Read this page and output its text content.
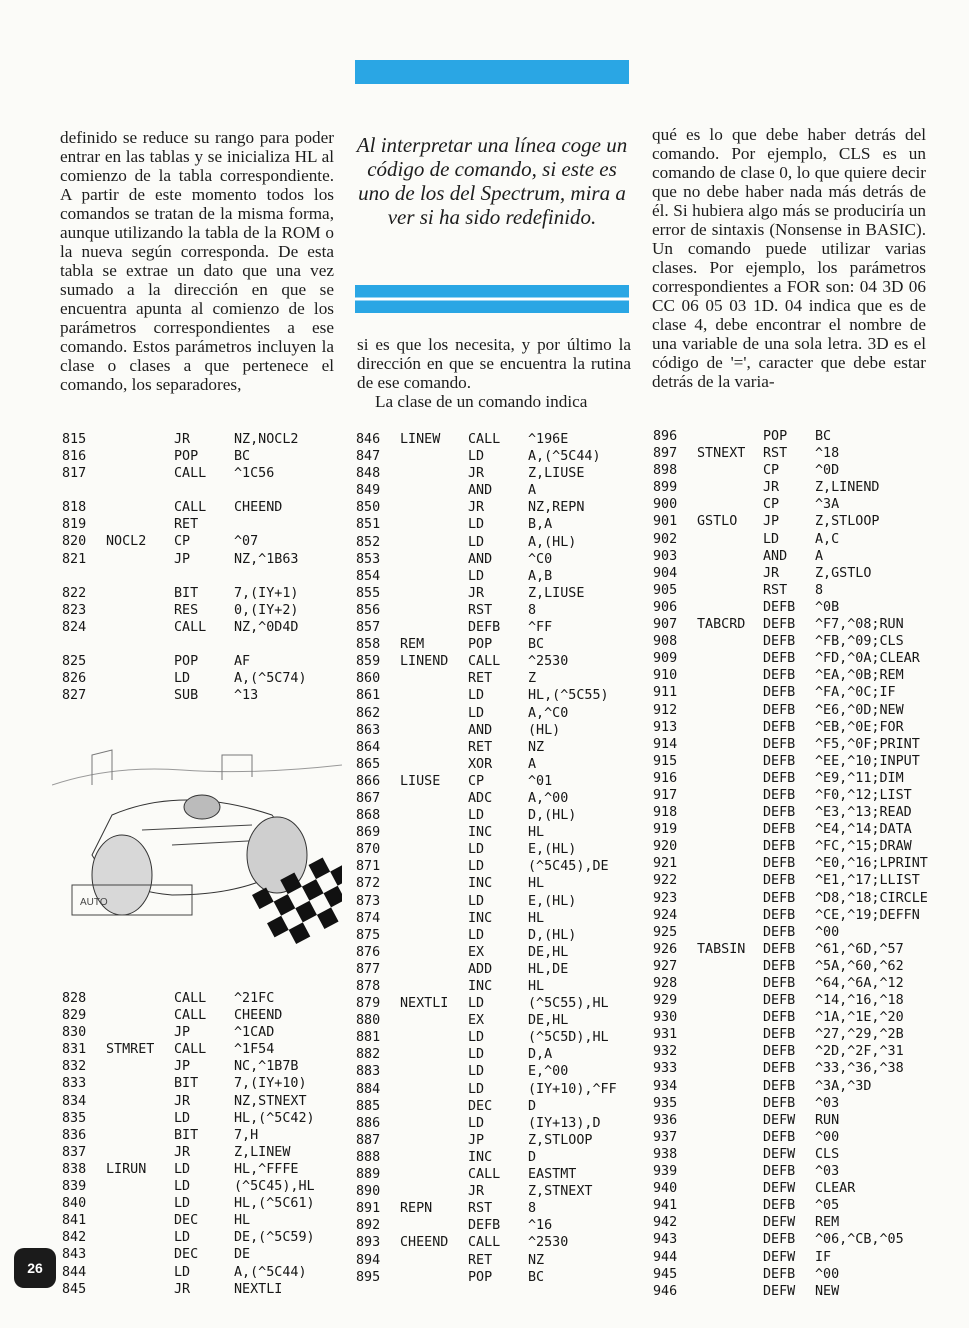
Al interpretar una línea coge un código de comando, si este es uno de los del Spectrum, mira a ver si ha sido redefinido.

definido se reduce su rango para poder entrar en las tablas y se inicializa HL al comienzo de la tabla correspondiente. A partir de este momento todos los comandos se tratan de la misma forma, aunque utilizando la tabla de la ROM o la nueva según corresponda. De esta tabla se extrae un dato que una vez sumado a la dirección en que se encuentra apunta al comienzo de los parámetros correspondientes a ese comando. Estos parámetros incluyen la clase o clases a que pertenece el comando, los separadores,

si es que los necesita, y por último la dirección en que se encuentra la rutina de ese comando.

La clase de un comando indica

qué es lo que debe haber detrás del comando. Por ejemplo, CLS es un comando de clase 0, lo que quiere decir que no debe haber nada más detrás de él. Si hubiera algo más se produciría un error de sintaxis (Nonsense in BASIC). Un comando puede utilizar varias clases. Por ejemplo, los parámetros correspondientes a FOR son: 04 3D 06 CC 06 05 03 1D. 04 indica que es de clase 4, debe encontrar el nombre de una variable de una sola letra. 3D es el código de '=', caracter que debe estar detrás de la varia-

815	JR	NZ,NOCL2
816	POP	BC
817	CALL ^1C56
818	CALL CHEEND
819	RET
820 NOCL2 CP	^07
821	JP	NZ,^1B63
822	BIT	7,(IY+1)
823	RES	0,(IY+2)
824	CALL NZ,^0D4D
825	POP	AF
826	LD	A,(^5C74)
827	SUB	^13
828	CALL ^21FC
829	CALL CHEEND
830	JP	^1CAD
831 STMRET CALL ^1F54
832	JP	NC,^1B7B
833	BIT	7,(IY+10)
834	JR	NZ,STNEXT
835	LD	HL,(^5C42)
836	BIT	7,H
837	JR	Z,LINEW
838 LIRUN LD	HL,^FFFE
839	LD	(^5C45),HL
840	LD	HL,(^5C61)
841	DEC	HL
842	LD	DE,(^5C59)
843	DEC	DE
844	LD	A,(^5C44)
845	JR	NEXTLI
846 LINEW CALL ^196E
847	LD	A,(^5C44)
848	JR	Z,LIUSE
849	AND	A
850	JR	NZ,REPN
851	LD	B,A
852	LD	A,(HL)
853	AND	^C0
854	LD	A,B
855	JR	Z,LIUSE
856	RST	8
857	DEFB ^FF
858 REM	POP	BC
859 LINEND CALL ^2530
860	RET	Z
861	LD	HL,(^5C55)
862	LD	A,^C0
863	AND	(HL)
864	RET	NZ
865	XOR	A
866 LIUSE CP	^01
867	ADC	A,^00
868	LD	D,(HL)
869	INC	HL
870	LD	E,(HL)
871	LD	(^5C45),DE
872	INC	HL
873	LD	E,(HL)
874	INC	HL
875	LD	D,(HL)
876	EX	DE,HL
877	ADD	HL,DE
878	INC	HL
879 NEXTLI LD	(^5C55),HL
880	EX	DE,HL
881	LD	(^5C5D),HL
882	LD	D,A
883	LD	E,^00
884	LD	(IY+10),^FF
885	DEC	D
886	LD	(IY+13),D
887	JP	Z,STLOOP
888	INC	D
889	CALL EASTMT
890	JR	Z,STNEXT
891 REPN	RST	8
892	DEFB ^16
893 CHEEND CALL ^2530
894	RET	NZ
895	POP	BC
896	POP BC
897 STNEXT RST ^18
898	CP	^0D
899	JR	Z,LINEND
900	CP	^3A
901 GSTLO JP	Z,STLOOP
902	LD	A,C
903	AND A
904	JR	Z,GSTLO
905	RST 8
906	DEFB ^0B
907 TABCRD DEFB ^F7,^08;RUN
908	DEFB ^FB,^09;CLS
909	DEFB ^FD,^0A;CLEAR
910	DEFB ^EA,^0B;REM
911	DEFB ^FA,^0C;IF
912	DEFB ^E6,^0D;NEW
913	DEFB ^EB,^0E;FOR
914	DEFB ^F5,^0F;PRINT
915	DEFB ^EE,^10;INPUT
916	DEFB ^E9,^11;DIM
917	DEFB ^F0,^12;LIST
918	DEFB ^E3,^13;READ
919	DEFB ^E4,^14;DATA
920	DEFB ^FC,^15;DRAW
921	DEFB ^E0,^16;LPRINT
922	DEFB ^E1,^17;LLIST
923	DEFB ^D8,^18;CIRCLE
924	DEFB ^CE,^19;DEFFN
925	DEFB ^00
926 TABSIN DEFB ^61,^6D,^57
927	DEFB ^5A,^60,^62
928	DEFB ^64,^6A,^12
929	DEFB ^14,^16,^18
930	DEFB ^1A,^1E,^20
931	DEFB ^27,^29,^2B
932	DEFB ^2D,^2F,^31
933	DEFB ^33,^36,^38
934	DEFB ^3A,^3D
935	DEFB ^03
936	DEFW RUN
937	DEFB ^00
938	DEFW CLS
939	DEFB ^03
940	DEFW CLEAR
941	DEFB ^05
942	DEFW REM
943	DEFB ^06,^CB,^05
944	DEFW IF
945	DEFB ^00
946	DEFW NEW
AUTO
26
